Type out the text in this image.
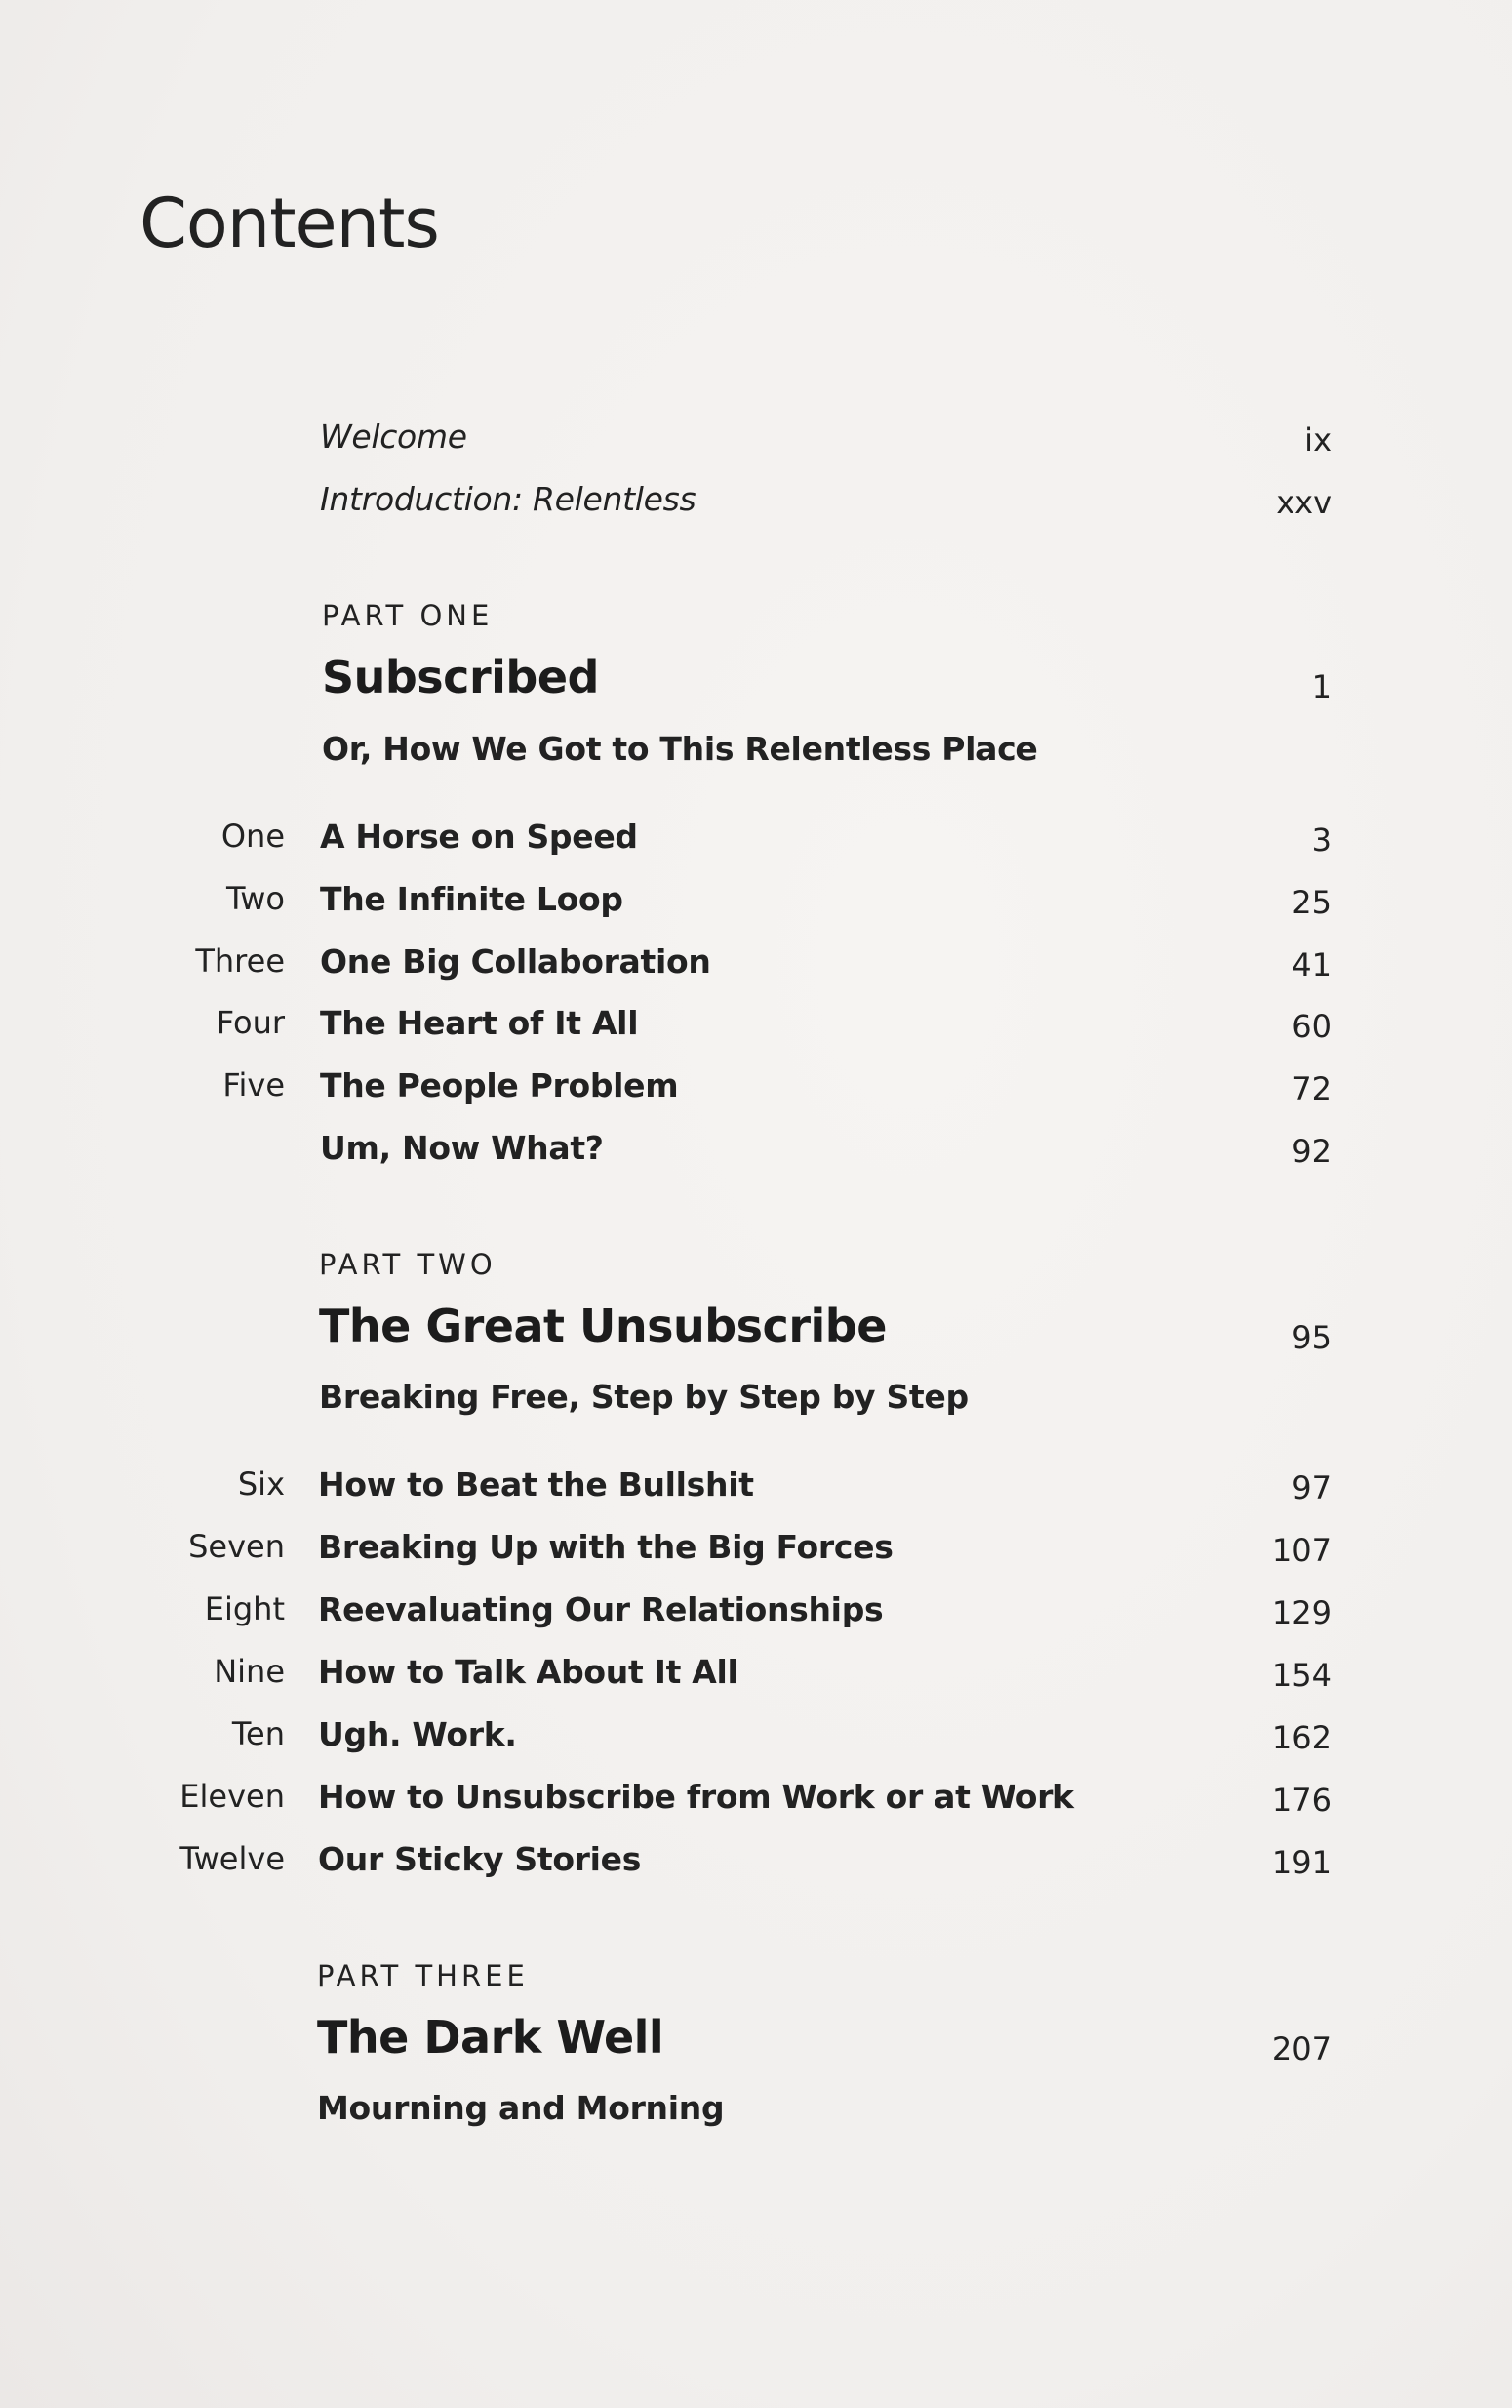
Contents
Welcome	ix
Introduction: Relentless	xxv
PART ONE
Subscribed	1
Or, How We Got to This Relentless Place
One A Horse on Speed	3
Two The Infinite Loop	25
Three One Big Collaboration	41
Four The Heart of It All	60
Five The People Problem	72
Um, Now What?	92
PART TWO
The Great Unsubscribe	95
Breaking Free, Step by Step by Step
Six How to Beat the Bullshit	97
Seven Breaking Up with the Big Forces	107
Eight Reevaluating Our Relationships	129
Nine How to Talk About It All	154
Ten Ugh. Work.	162
Eleven How to Unsubscribe from Work or at Work	176
Twelve Our Sticky Stories	191
PART THREE
The Dark Well	207
Mourning and Morning
